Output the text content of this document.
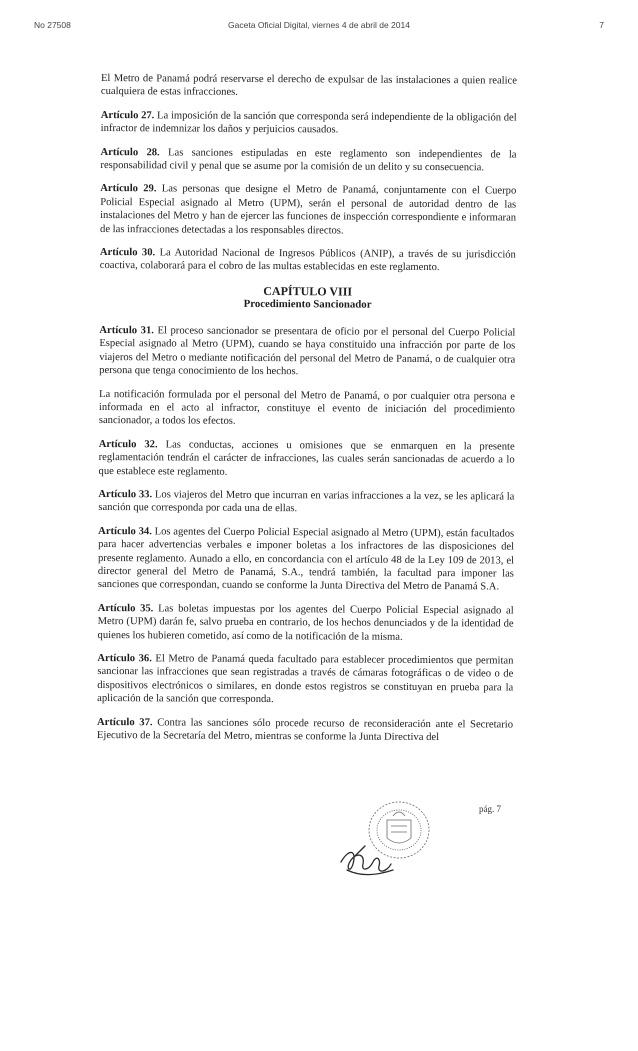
No 27508	Gaceta Oficial Digital, viernes 4 de abril de 2014	7

El Metro de Panamá podrá reservarse el derecho de expulsar de las instalaciones a quien realice cualquiera de estas infracciones.

Artículo 27. La imposición de la sanción que corresponda será independiente de la obligación del infractor de indemnizar los daños y perjuicios causados.

Artículo 28. Las sanciones estipuladas en este reglamento son independientes de la responsabilidad civil y penal que se asume por la comisión de un delito y su consecuencia.

Artículo 29. Las personas que designe el Metro de Panamá, conjuntamente con el Cuerpo Policial Especial asignado al Metro (UPM), serán el personal de autoridad dentro de las instalaciones del Metro y han de ejercer las funciones de inspección correspondiente e informaran de las infracciones detectadas a los responsables directos.

Artículo 30. La Autoridad Nacional de Ingresos Públicos (ANIP), a través de su jurisdicción coactiva, colaborará para el cobro de las multas establecidas en este reglamento.

CAPÍTULO VIII
Procedimiento Sancionador

Artículo 31. El proceso sancionador se presentara de oficio por el personal del Cuerpo Policial Especial asignado al Metro (UPM), cuando se haya constituido una infracción por parte de los viajeros del Metro o mediante notificación del personal del Metro de Panamá, o de cualquier otra persona que tenga conocimiento de los hechos.

La notificación formulada por el personal del Metro de Panamá, o por cualquier otra persona e informada en el acto al infractor, constituye el evento de iniciación del procedimiento sancionador, a todos los efectos.

Artículo 32. Las conductas, acciones u omisiones que se enmarquen en la presente reglamentación tendrán el carácter de infracciones, las cuales serán sancionadas de acuerdo a lo que establece este reglamento.

Artículo 33. Los viajeros del Metro que incurran en varias infracciones a la vez, se les aplicará la sanción que corresponda por cada una de ellas.

Artículo 34. Los agentes del Cuerpo Policial Especial asignado al Metro (UPM), están facultados para hacer advertencias verbales e imponer boletas a los infractores de las disposiciones del presente reglamento. Aunado a ello, en concordancia con el artículo 48 de la Ley 109 de 2013, el director general del Metro de Panamá, S.A., tendrá también, la facultad para imponer las sanciones que correspondan, cuando se conforme la Junta Directiva del Metro de Panamá S.A.

Artículo 35. Las boletas impuestas por los agentes del Cuerpo Policial Especial asignado al Metro (UPM) darán fe, salvo prueba en contrario, de los hechos denunciados y de la identidad de quienes los hubieren cometido, así como de la notificación de la misma.

Artículo 36. El Metro de Panamá queda facultado para establecer procedimientos que permitan sancionar las infracciones que sean registradas a través de cámaras fotográficas o de video o de dispositivos electrónicos o similares, en donde estos registros se constituyan en prueba para la aplicación de la sanción que corresponda.

Artículo 37. Contra las sanciones sólo procede recurso de reconsideración ante el Secretario Ejecutivo de la Secretaría del Metro, mientras se conforme la Junta Directiva del

pág. 7
